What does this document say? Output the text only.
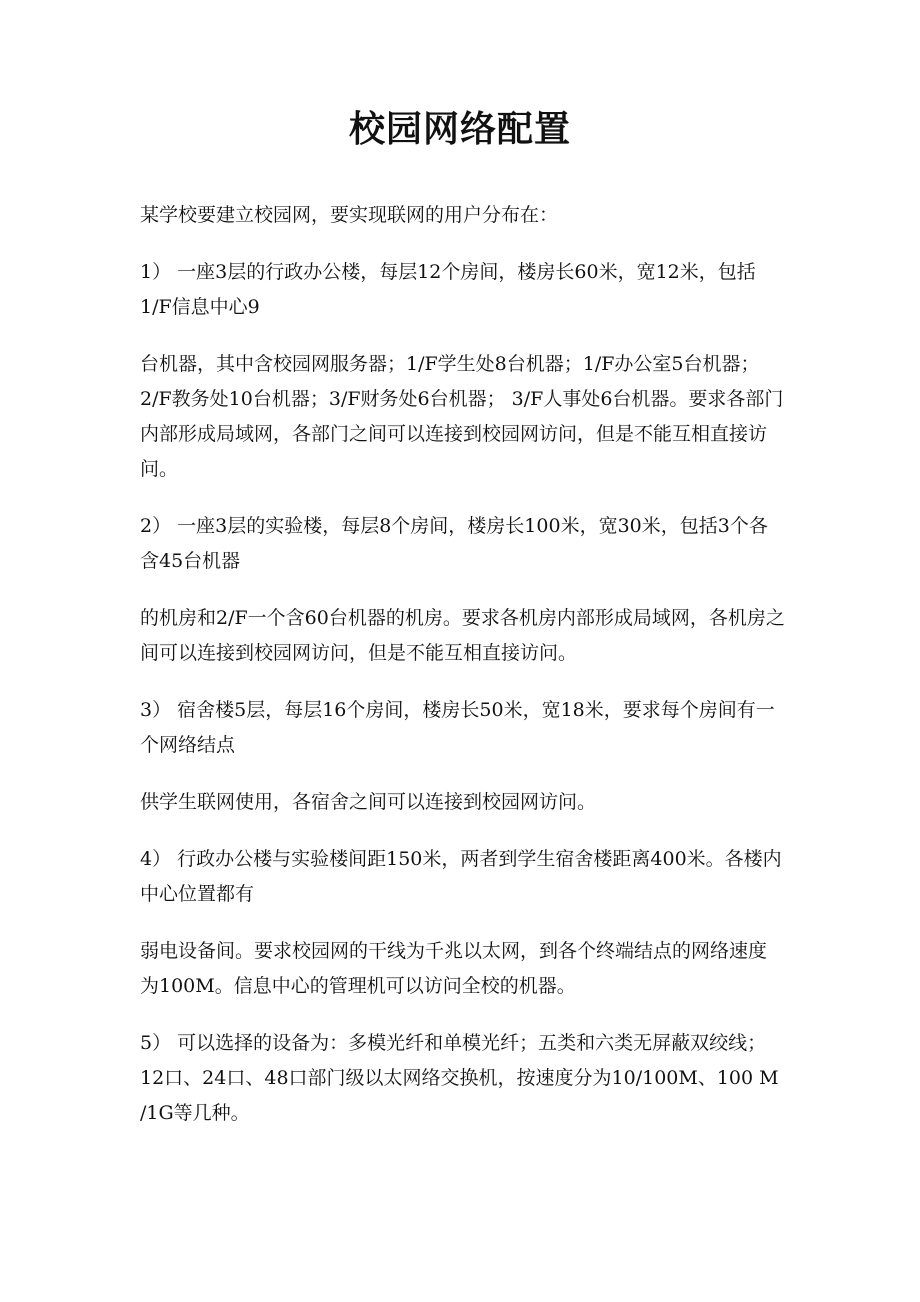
校园网络配置

某学校要建立校园网，要实现联网的用户分布在：

1） 一座3层的行政办公楼，每层12个房间，楼房长60米，宽12米，包括1/F信息中心9

台机器，其中含校园网服务器；1/F学生处8台机器；1/F办公室5台机器； 2/F教务处10台机器；3/F财务处6台机器； 3/F人事处6台机器。要求各部门内部形成局域网，各部门之间可以连接到校园网访问，但是不能互相直接访问。

2） 一座3层的实验楼，每层8个房间，楼房长100米，宽30米，包括3个各含45台机器

的机房和2/F一个含60台机器的机房。要求各机房内部形成局域网，各机房之间可以连接到校园网访问，但是不能互相直接访问。

3） 宿舍楼5层，每层16个房间，楼房长50米，宽18米，要求每个房间有一个网络结点

供学生联网使用，各宿舍之间可以连接到校园网访问。

4） 行政办公楼与实验楼间距150米，两者到学生宿舍楼距离400米。各楼内中心位置都有

弱电设备间。要求校园网的干线为千兆以太网，到各个终端结点的网络速度为100M。信息中心的管理机可以访问全校的机器。

5） 可以选择的设备为：多模光纤和单模光纤；五类和六类无屏蔽双绞线；12口、24口、48口部门级以太网络交换机，按速度分为10/100M、100 M /1G等几种。
